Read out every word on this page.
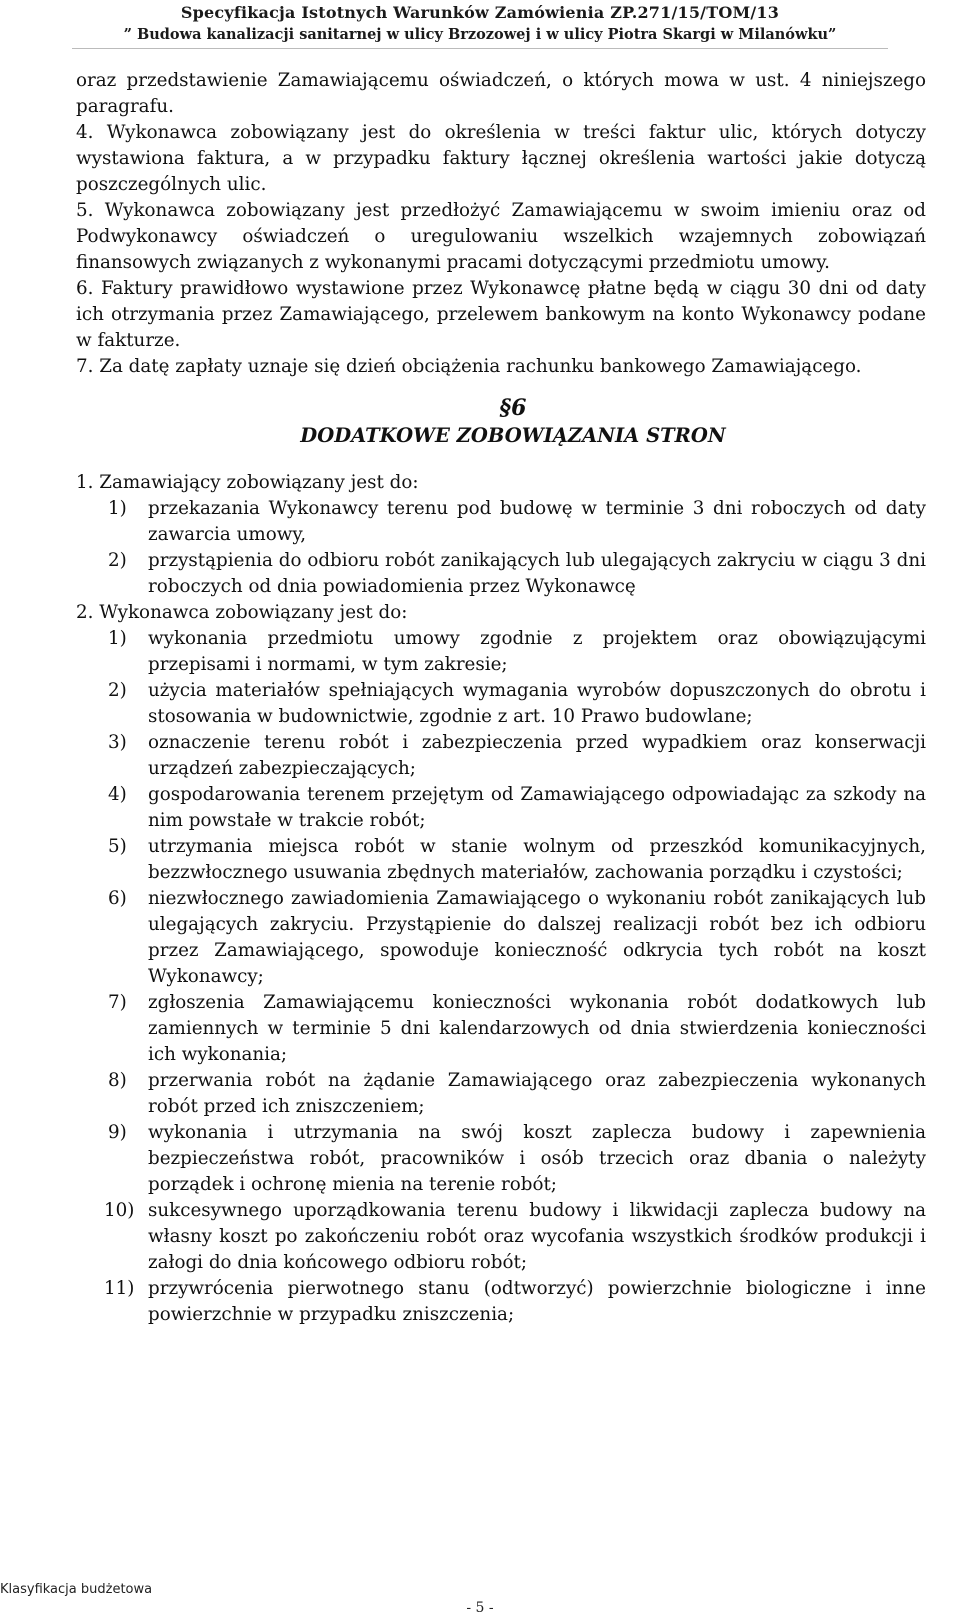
Specyfikacja Istotnych Warunków Zamówienia ZP.271/15/TOM/13
” Budowa kanalizacji sanitarnej w ulicy Brzozowej i w ulicy Piotra Skargi w Milanówku”

oraz przedstawienie Zamawiającemu oświadczeń, o których mowa w ust. 4 niniejszego paragrafu.

4. Wykonawca zobowiązany jest do określenia w treści faktur ulic, których dotyczy wystawiona faktura, a w przypadku faktury łącznej określenia wartości jakie dotyczą poszczególnych ulic.

5. Wykonawca zobowiązany jest przedłożyć Zamawiającemu w swoim imieniu oraz od Podwykonawcy oświadczeń o uregulowaniu wszelkich wzajemnych zobowiązań finansowych związanych z wykonanymi pracami dotyczącymi przedmiotu umowy.

6. Faktury prawidłowo wystawione przez Wykonawcę płatne będą w ciągu 30 dni od daty ich otrzymania przez Zamawiającego, przelewem bankowym na konto Wykonawcy podane w fakturze.

7. Za datę zapłaty uznaje się dzień obciążenia rachunku bankowego Zamawiającego.

§6
DODATKOWE ZOBOWIĄZANIA STRON

1. Zamawiający zobowiązany jest do:

1)	przekazania Wykonawcy terenu pod budowę w terminie 3 dni roboczych od daty zawarcia umowy,
2)	przystąpienia do odbioru robót zanikających lub ulegających zakryciu w ciągu 3 dni roboczych od dnia powiadomienia przez Wykonawcę

2. Wykonawca zobowiązany jest do:

1)	wykonania przedmiotu umowy zgodnie z projektem oraz obowiązującymi przepisami i normami, w tym zakresie;
2)	użycia materiałów spełniających wymagania wyrobów dopuszczonych do obrotu i stosowania w budownictwie, zgodnie z art. 10 Prawo budowlane;
3)	oznaczenie terenu robót i zabezpieczenia przed wypadkiem oraz konserwacji urządzeń zabezpieczających;
4)	gospodarowania terenem przejętym od Zamawiającego odpowiadając za szkody na nim powstałe w trakcie robót;
5)	utrzymania miejsca robót w stanie wolnym od przeszkód komunikacyjnych, bezzwłocznego usuwania zbędnych materiałów, zachowania porządku i czystości;
6)	niezwłocznego zawiadomienia Zamawiającego o wykonaniu robót zanikających lub ulegających zakryciu. Przystąpienie do dalszej realizacji robót bez ich odbioru przez Zamawiającego, spowoduje konieczność odkrycia tych robót na koszt Wykonawcy;
7)	zgłoszenia Zamawiającemu konieczności wykonania robót dodatkowych lub zamiennych w terminie 5 dni kalendarzowych od dnia stwierdzenia konieczności ich wykonania;
8)	przerwania robót na żądanie Zamawiającego oraz zabezpieczenia wykonanych robót przed ich zniszczeniem;
9)	wykonania i utrzymania na swój koszt zaplecza budowy i zapewnienia bezpieczeństwa robót, pracowników i osób trzecich oraz dbania o należyty porządek i ochronę mienia na terenie robót;
10) sukcesywnego uporządkowania terenu budowy i likwidacji zaplecza budowy na własny koszt po zakończeniu robót oraz wycofania wszystkich środków produkcji i załogi do dnia końcowego odbioru robót;
11) przywrócenia pierwotnego stanu (odtworzyć) powierzchnie biologiczne i inne powierzchnie w przypadku zniszczenia;
Klasyfikacja budżetowa
- 5 -
